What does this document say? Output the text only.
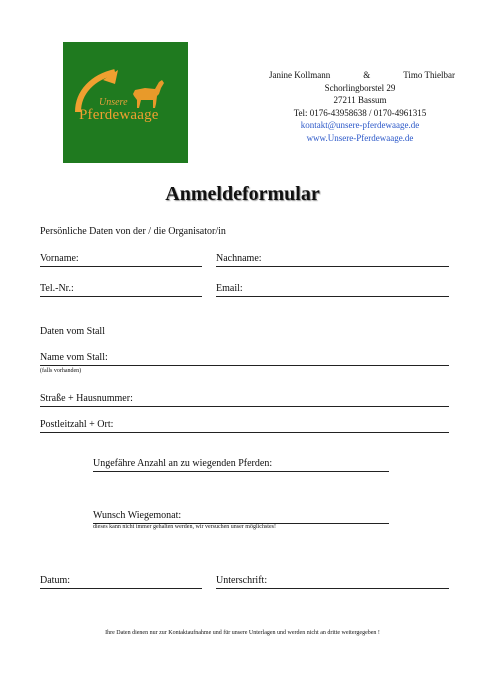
Unsere
Pferdewaage
Janine Kollmann	&	Timo Thielbar
Schorlingborstel 29
27211 Bassum
Tel: 0176-43958638 / 0170-4961315
kontakt@unsere-pferdewaage.de
www.Unsere-Pferdewaage.de
Anmeldeformular
Persönliche Daten von der / die Organisator/in
Vorname:	Nachname:
Tel.-Nr.:	Email:
Daten vom Stall
Name vom Stall:
(falls vorhanden)
Straße + Hausnummer:
Postleitzahl + Ort:
Ungefähre Anzahl an zu wiegenden Pferden:
Wunsch Wiegemonat:
dieses kann nicht immer gehalten werden, wir versuchen unser möglichstes!
Datum:	Unterschrift:
Ihre Daten dienen nur zur Kontaktaufnahme und für unsere Unterlagen und werden nicht an dritte weitergegeben !
